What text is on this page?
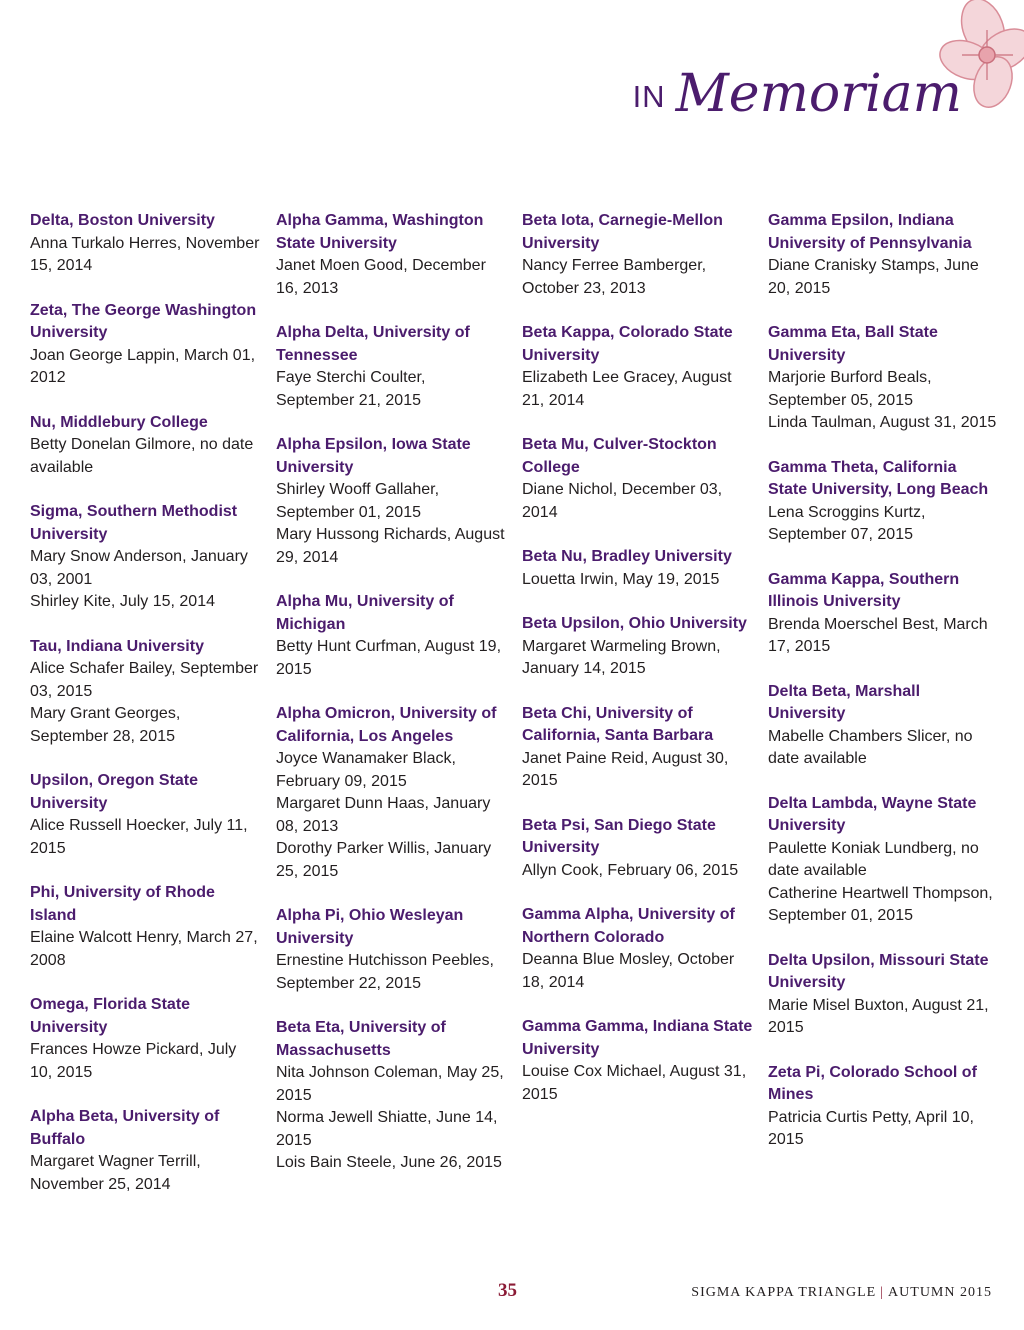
IN Memoriam
Delta, Boston University
Anna Turkalo Herres, November 15, 2014
Zeta, The George Washington University
Joan George Lappin, March 01, 2012
Nu, Middlebury College
Betty Donelan Gilmore, no date available
Sigma, Southern Methodist University
Mary Snow Anderson, January 03, 2001
Shirley Kite, July 15, 2014
Tau, Indiana University
Alice Schafer Bailey, September 03, 2015
Mary Grant Georges, September 28, 2015
Upsilon, Oregon State University
Alice Russell Hoecker, July 11, 2015
Phi, University of Rhode Island
Elaine Walcott Henry, March 27, 2008
Omega, Florida State University
Frances Howze Pickard, July 10, 2015
Alpha Beta, University of Buffalo
Margaret Wagner Terrill, November 25, 2014
Alpha Gamma, Washington State University
Janet Moen Good, December 16, 2013
Alpha Delta, University of Tennessee
Faye Sterchi Coulter, September 21, 2015
Alpha Epsilon, Iowa State University
Shirley Wooff Gallaher, September 01, 2015
Mary Hussong Richards, August 29, 2014
Alpha Mu, University of Michigan
Betty Hunt Curfman, August 19, 2015
Alpha Omicron, University of California, Los Angeles
Joyce Wanamaker Black, February 09, 2015
Margaret Dunn Haas, January 08, 2013
Dorothy Parker Willis, January 25, 2015
Alpha Pi, Ohio Wesleyan University
Ernestine Hutchisson Peebles, September 22, 2015
Beta Eta, University of Massachusetts
Nita Johnson Coleman, May 25, 2015
Norma Jewell Shiatte, June 14, 2015
Lois Bain Steele, June 26, 2015
Beta Iota, Carnegie-Mellon University
Nancy Ferree Bamberger, October 23, 2013
Beta Kappa, Colorado State University
Elizabeth Lee Gracey, August 21, 2014
Beta Mu, Culver-Stockton College
Diane Nichol, December 03, 2014
Beta Nu, Bradley University
Louetta Irwin, May 19, 2015
Beta Upsilon, Ohio University
Margaret Warmeling Brown, January 14, 2015
Beta Chi, University of California, Santa Barbara
Janet Paine Reid, August 30, 2015
Beta Psi, San Diego State University
Allyn Cook, February 06, 2015
Gamma Alpha, University of Northern Colorado
Deanna Blue Mosley, October 18, 2014
Gamma Gamma, Indiana State University
Louise Cox Michael, August 31, 2015
Gamma Epsilon, Indiana University of Pennsylvania
Diane Cranisky Stamps, June 20, 2015
Gamma Eta, Ball State University
Marjorie Burford Beals, September 05, 2015
Linda Taulman, August 31, 2015
Gamma Theta, California State University, Long Beach
Lena Scroggins Kurtz, September 07, 2015
Gamma Kappa, Southern Illinois University
Brenda Moerschel Best, March 17, 2015
Delta Beta, Marshall University
Mabelle Chambers Slicer, no date available
Delta Lambda, Wayne State University
Paulette Koniak Lundberg, no date available
Catherine Heartwell Thompson, September 01, 2015
Delta Upsilon, Missouri State University
Marie Misel Buxton, August 21, 2015
Zeta Pi, Colorado School of Mines
Patricia Curtis Petty, April 10, 2015
35	SIGMA KAPPA TRIANGLE | AUTUMN 2015
